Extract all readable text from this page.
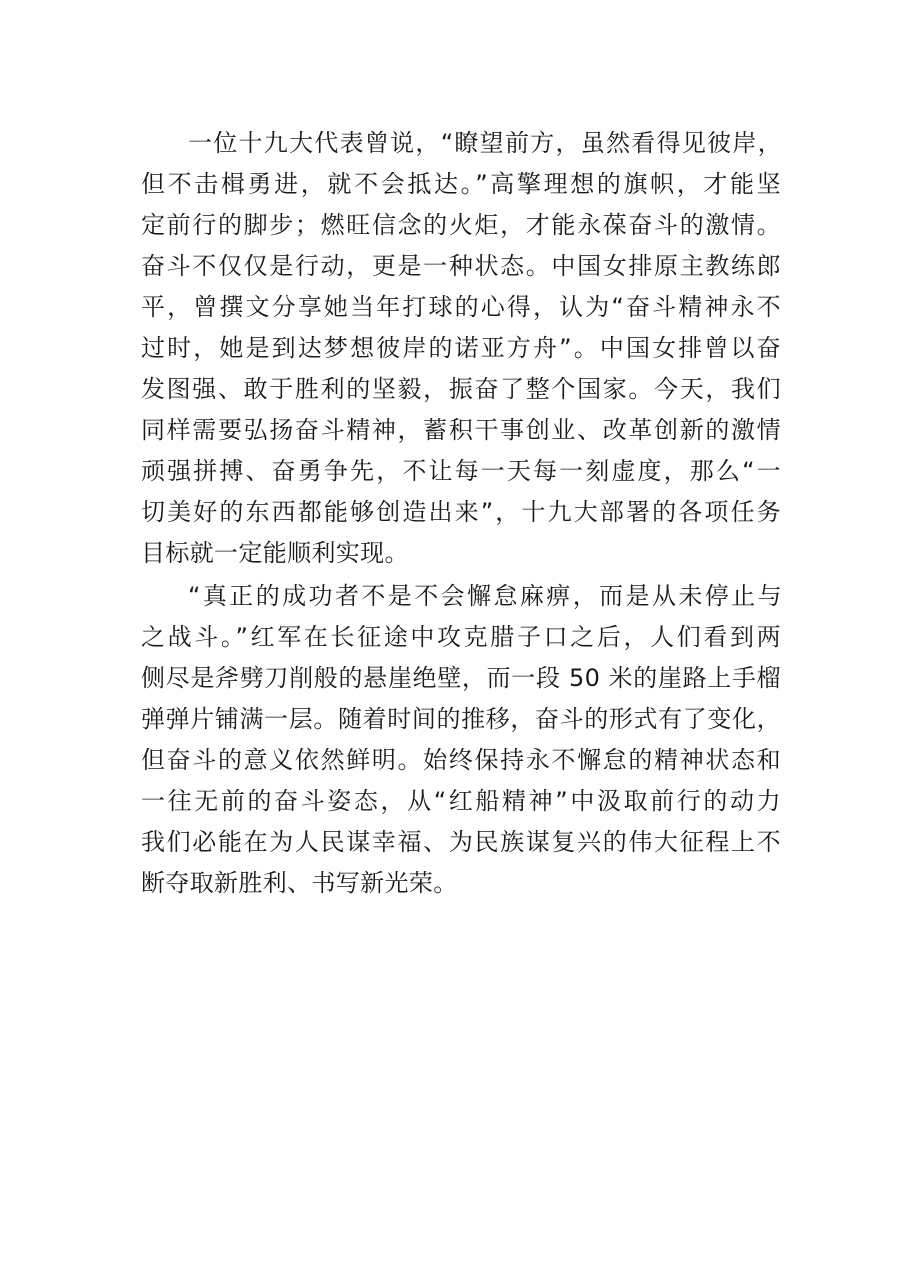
一位十九大代表曾说，“瞭望前方，虽然看得见彼岸，
但不击楫勇进，就不会抵达。”高擎理想的旗帜，才能坚
定前行的脚步；燃旺信念的火炬，才能永葆奋斗的激情。
奋斗不仅仅是行动，更是一种状态。中国女排原主教练郎
平，曾撰文分享她当年打球的心得，认为“奋斗精神永不
过时，她是到达梦想彼岸的诺亚方舟”。中国女排曾以奋
发图强、敢于胜利的坚毅，振奋了整个国家。今天，我们
同样需要弘扬奋斗精神，蓄积干事创业、改革创新的激情
顽强拼搏、奋勇争先，不让每一天每一刻虚度，那么“一
切美好的东西都能够创造出来”，十九大部署的各项任务
目标就一定能顺利实现。
“真正的成功者不是不会懈怠麻痹，而是从未停止与
之战斗。”红军在长征途中攻克腊子口之后，人们看到两
侧尽是斧劈刀削般的悬崖绝壁，而一段 50 米的崖路上手榴
弹弹片铺满一层。随着时间的推移，奋斗的形式有了变化，
但奋斗的意义依然鲜明。始终保持永不懈怠的精神状态和
一往无前的奋斗姿态，从“红船精神”中汲取前行的动力
我们必能在为人民谋幸福、为民族谋复兴的伟大征程上不
断夺取新胜利、书写新光荣。
